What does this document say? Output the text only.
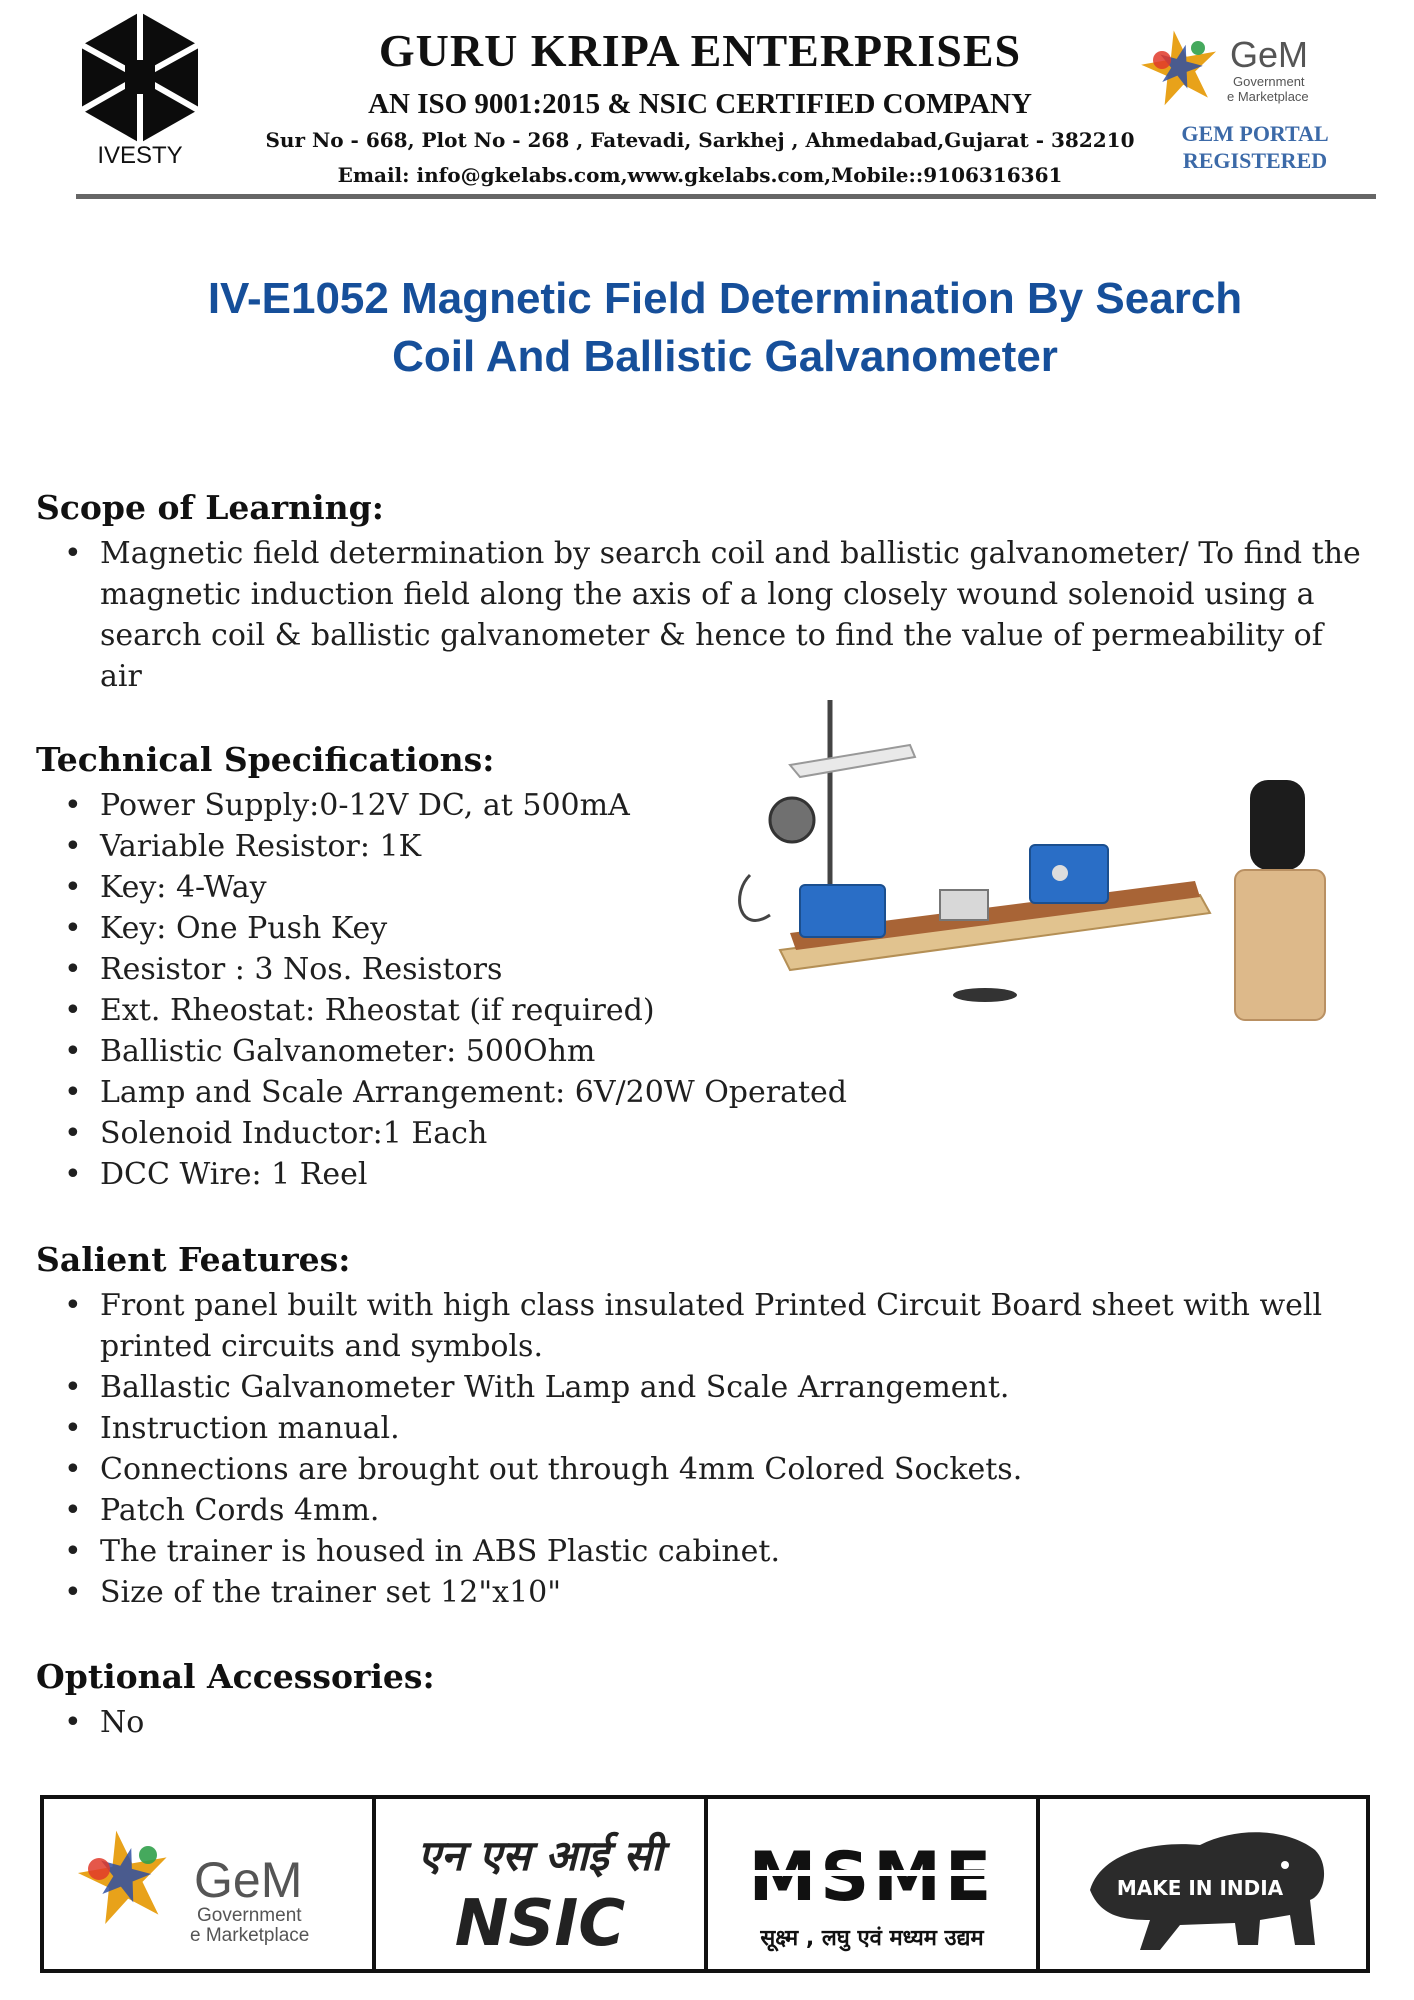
IVESTY
GURU KRIPA ENTERPRISES
AN ISO 9001:2015 & NSIC CERTIFIED COMPANY
Sur No - 668, Plot No - 268 , Fatevadi, Sarkhej , Ahmedabad,Gujarat - 382210
Email: info@gkelabs.com,www.gkelabs.com,Mobile::9106316361
GeM
Government
e Marketplace
GEM PORTAL
REGISTERED
IV-E1052 Magnetic Field Determination By Search
Coil And Ballistic Galvanometer
Scope of Learning:
• Magnetic field determination by search coil and ballistic galvanometer/ To find the magnetic induction field along the axis of a long closely wound solenoid using a search coil & ballistic galvanometer & hence to find the value of permeability of air
Technical Specifications:
• Power Supply:0-12V DC, at 500mA
• Variable Resistor: 1K
• Key: 4-Way
• Key: One Push Key
• Resistor : 3 Nos. Resistors
• Ext. Rheostat: Rheostat (if required)
• Ballistic Galvanometer: 500Ohm
• Lamp and Scale Arrangement: 6V/20W Operated
• Solenoid Inductor:1 Each
• DCC Wire: 1 Reel
Salient Features:
• Front panel built with high class insulated Printed Circuit Board sheet with well printed circuits and symbols.
• Ballastic Galvanometer With Lamp and Scale Arrangement.
• Instruction manual.
• Connections are brought out through 4mm Colored Sockets.
• Patch Cords 4mm.
• The trainer is housed in ABS Plastic cabinet.
• Size of the trainer set 12"x10"
Optional Accessories:
• No
GeM
Government
e Marketplace
एन एस आई सी
NSIC
MSME
सूक्ष्म , लघु एवं मध्यम उद्यम
MAKE IN INDIA
